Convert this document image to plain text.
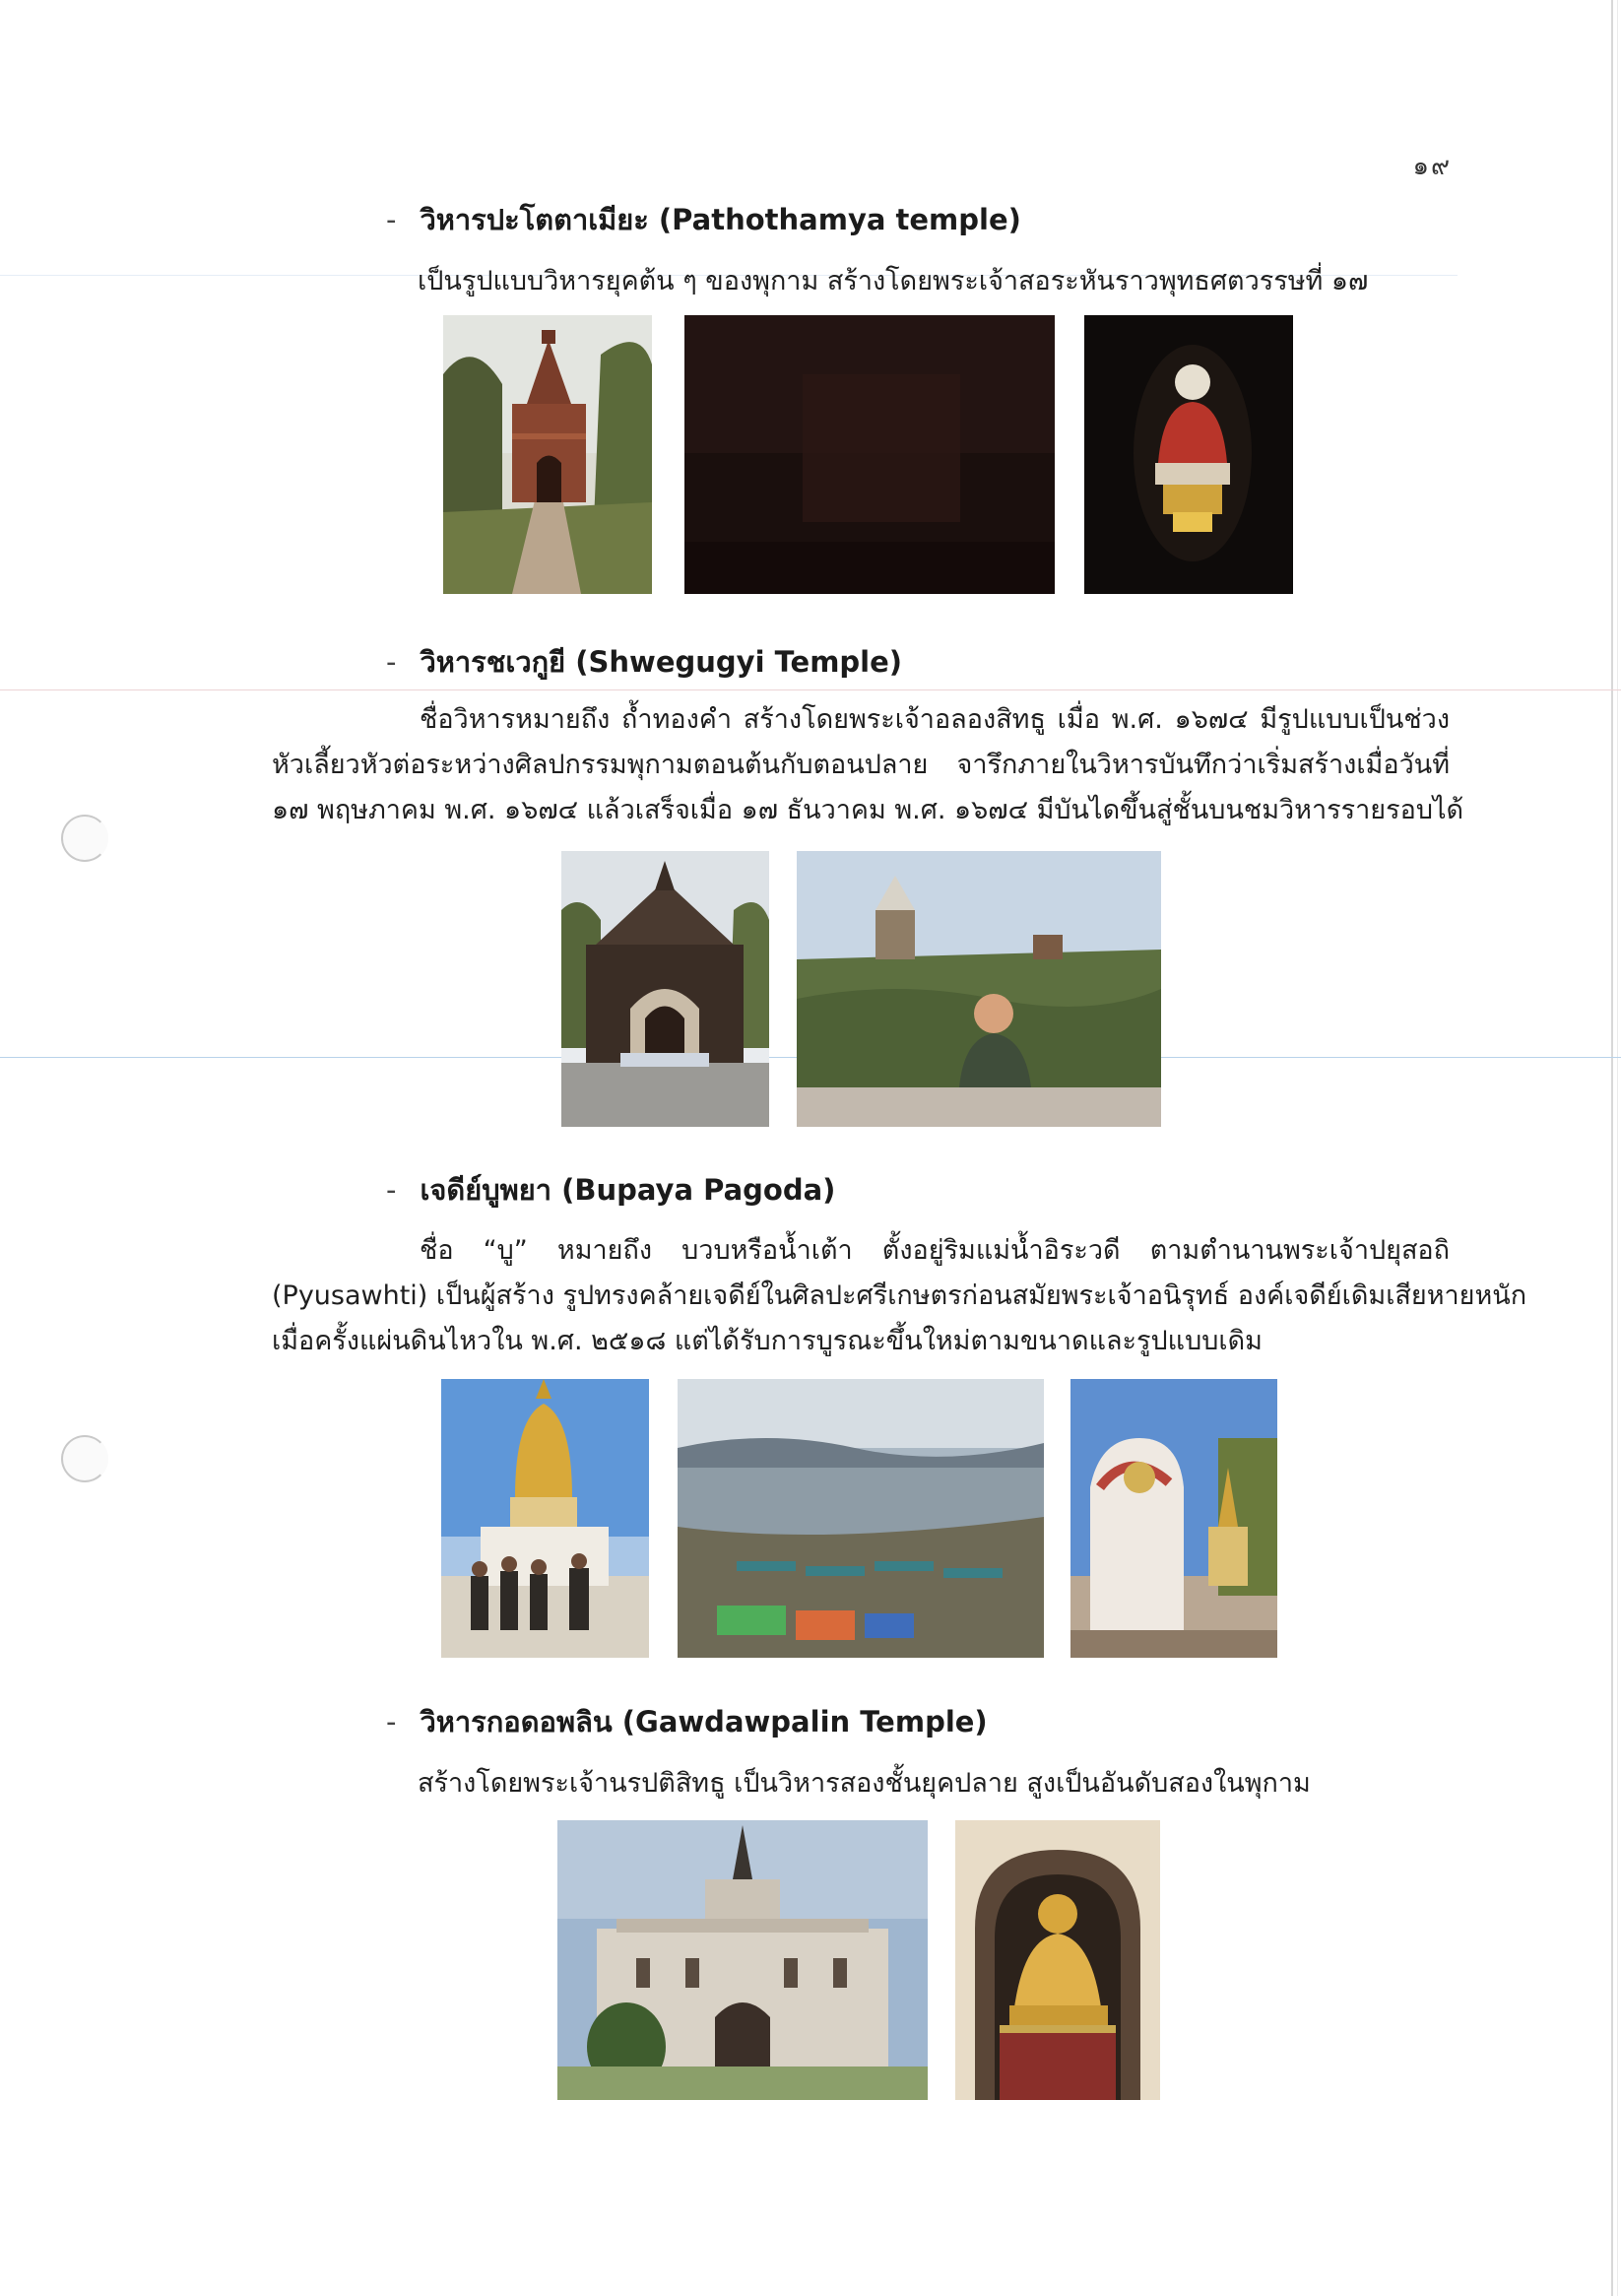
๑๙
- วิหารปะโตตาเมียะ (Pathothamya temple)
เป็นรูปแบบวิหารยุคต้น ๆ ของพุกาม สร้างโดยพระเจ้าสอระหันราวพุทธศตวรรษที่ ๑๗
- วิหารชเวกูยี (Shwegugyi Temple)
ชื่อวิหารหมายถึง ถ้ำทองคำ สร้างโดยพระเจ้าอลองสิทธู เมื่อ พ.ศ. ๑๖๗๔ มีรูปแบบเป็นช่วง
หัวเลี้ยวหัวต่อระหว่างศิลปกรรมพุกามตอนต้นกับตอนปลาย จารึกภายในวิหารบันทึกว่าเริ่มสร้างเมื่อวันที่
๑๗ พฤษภาคม พ.ศ. ๑๖๗๔ แล้วเสร็จเมื่อ ๑๗ ธันวาคม พ.ศ. ๑๖๗๔ มีบันไดขึ้นสู่ชั้นบนชมวิหารรายรอบได้
- เจดีย์บูพยา (Bupaya Pagoda)
ชื่อ “บู” หมายถึง บวบหรือน้ำเต้า ตั้งอยู่ริมแม่น้ำอิระวดี ตามตำนานพระเจ้าปยุสอถิ
(Pyusawhti) เป็นผู้สร้าง รูปทรงคล้ายเจดีย์ในศิลปะศรีเกษตรก่อนสมัยพระเจ้าอนิรุทธ์ องค์เจดีย์เดิมเสียหายหนัก
เมื่อครั้งแผ่นดินไหวใน พ.ศ. ๒๕๑๘ แต่ได้รับการบูรณะขึ้นใหม่ตามขนาดและรูปแบบเดิม
- วิหารกอดอพลิน (Gawdawpalin Temple)
สร้างโดยพระเจ้านรปติสิทธู เป็นวิหารสองชั้นยุคปลาย สูงเป็นอันดับสองในพุกาม
